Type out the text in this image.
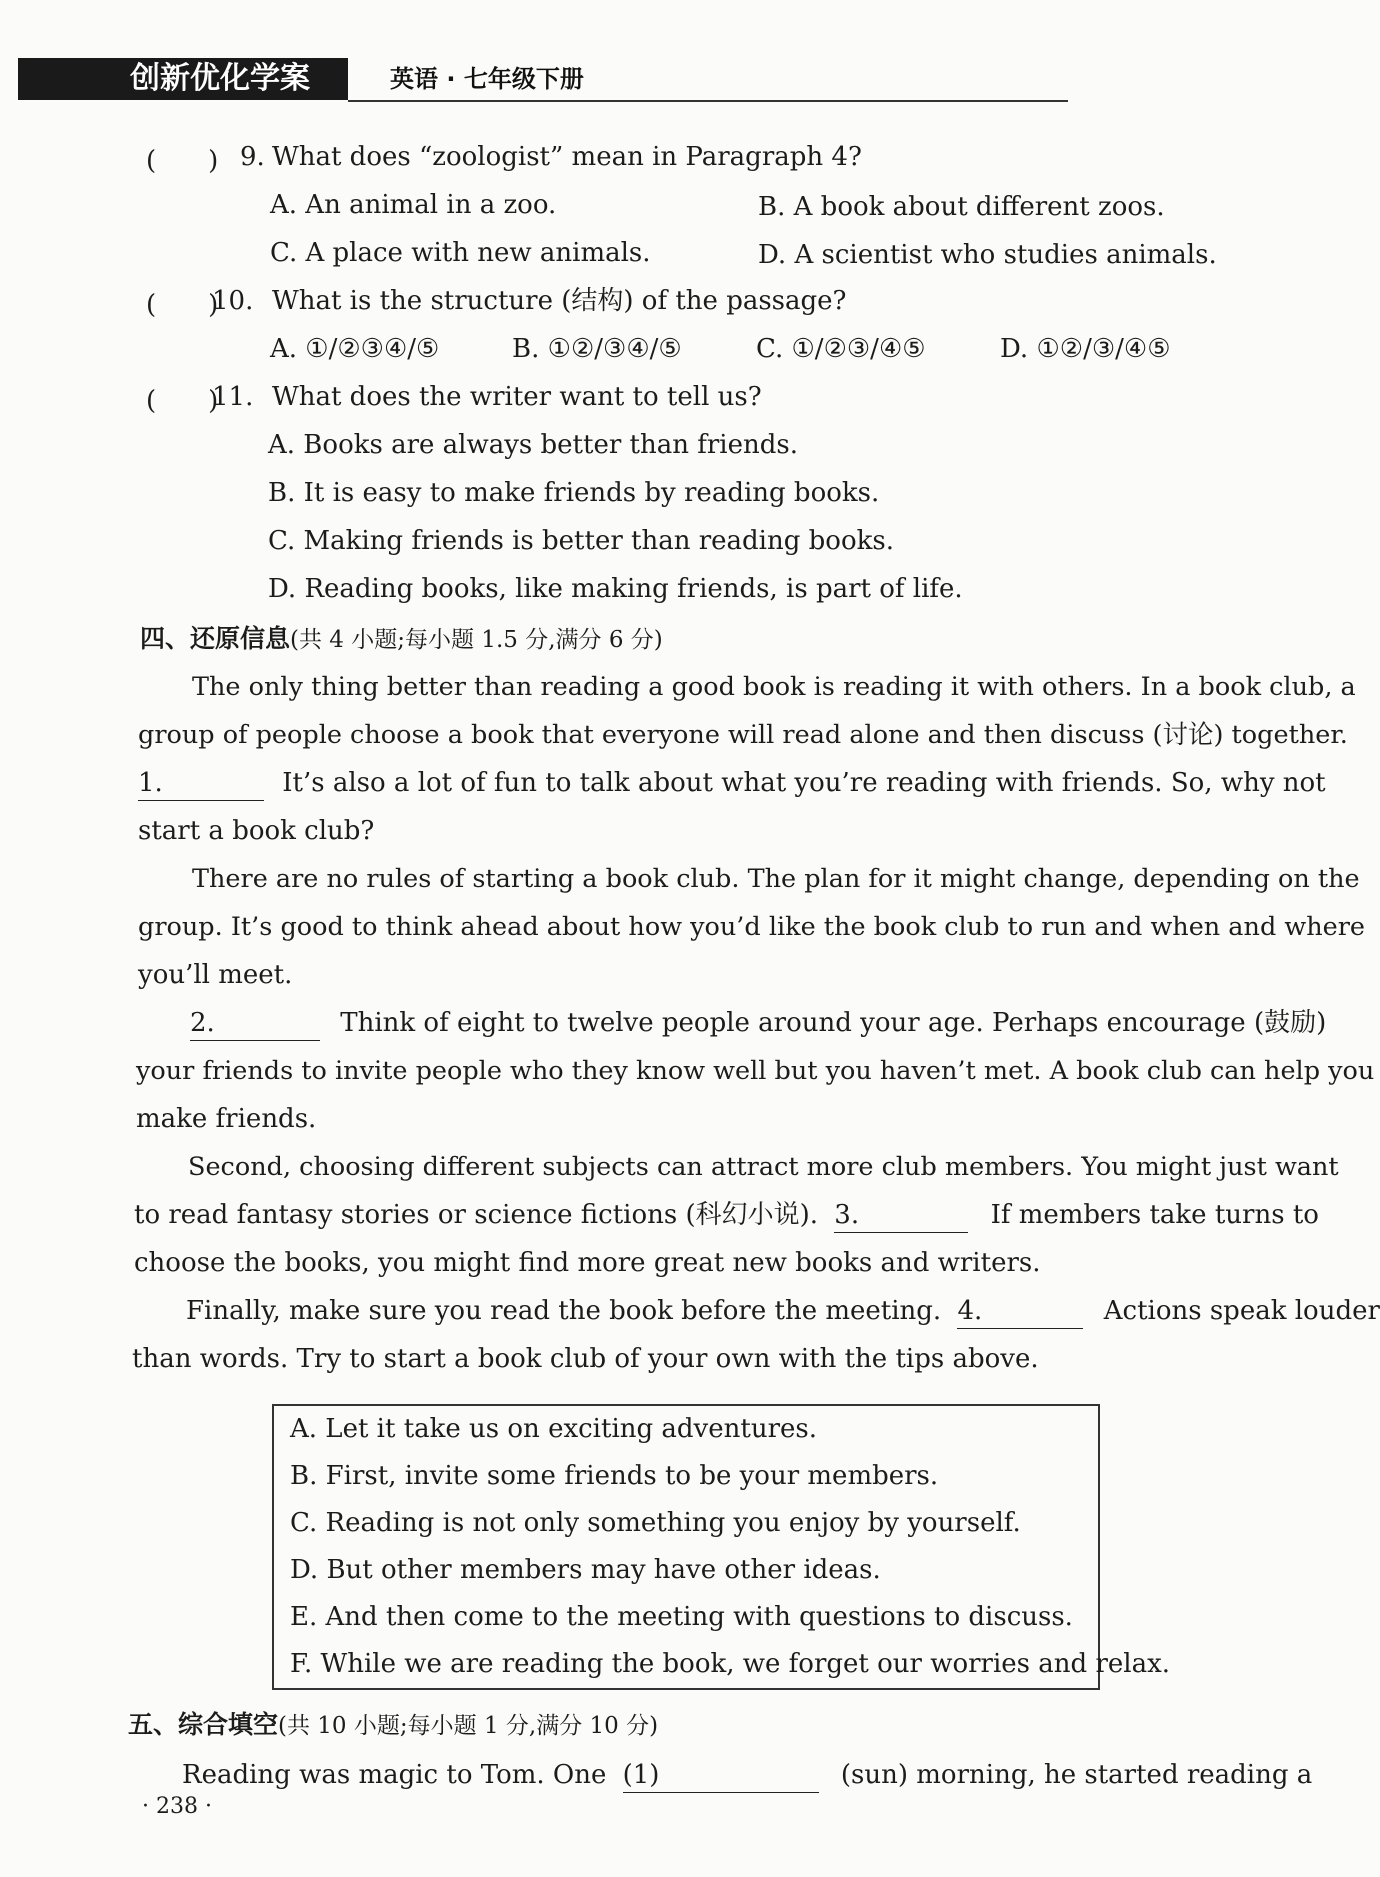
创新优化学案	英语 · 七年级下册
(　　) 9. What does “zoologist” mean in Paragraph 4?
A. An animal in a zoo.	B. A book about different zoos.
C. A place with new animals.	D. A scientist who studies animals.
(　　)
10. What is the structure (结构) of the passage?
A. ①/②③④/⑤	B. ①②/③④/⑤	C. ①/②③/④⑤	D. ①②/③/④⑤
(　　)
11. What does the writer want to tell us?
A. Books are always better than friends.
B. It is easy to make friends by reading books.
C. Making friends is better than reading books.
D. Reading books, like making friends, is part of life.
四、还原信息(共 4 小题;每小题 1.5 分,满分 6 分)
The only thing better than reading a good book is reading it with others. In a book club, a
group of people choose a book that everyone will read alone and then discuss (讨论) together.
1.	It’s also a lot of fun to talk about what you’re reading with friends. So, why not
start a book club?
There are no rules of starting a book club. The plan for it might change, depending on the
group. It’s good to think ahead about how you’d like the book club to run and when and where
you’ll meet.
2.	Think of eight to twelve people around your age. Perhaps encourage (鼓励)
your friends to invite people who they know well but you haven’t met. A book club can help you
make friends.
Second, choosing different subjects can attract more club members. You might just want
to read fantasy stories or science fictions (科幻小说). 3.	If members take turns to
choose the books, you might find more great new books and writers.
Finally, make sure you read the book before the meeting. 4.	Actions speak louder
than words. Try to start a book club of your own with the tips above.
A. Let it take us on exciting adventures.
B. First, invite some friends to be your members.
C. Reading is not only something you enjoy by yourself.
D. But other members may have other ideas.
E. And then come to the meeting with questions to discuss.
F. While we are reading the book, we forget our worries and relax.
五、综合填空(共 10 小题;每小题 1 分,满分 10 分)
Reading was magic to Tom. One (1)	(sun) morning, he started reading a
· 238 ·
